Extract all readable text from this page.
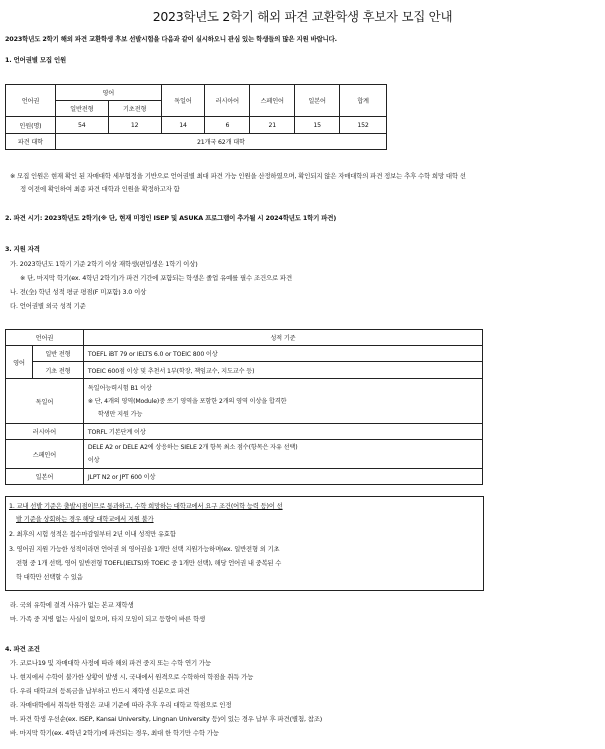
2023학년도 2학기 해외 파견 교환학생 후보자 모집 안내
2023학년도 2학기 해외 파견 교환학생 후보 선발시험을 다음과 같이 실시하오니 관심 있는 학생들의 많은 지원 바랍니다.
1. 언어권별 모집 인원
언어권	영어		독일어	러시아어	스페인어	일본어	합계
	일반전형	기초전형					
인원(명)	54	12	14	6	21	15	152
파견 대학	21개국 62개 대학						
※ 모집 인원은 현재 확인 된 자매대학 세부협정을 기반으로 언어권별 최대 파견 가능 인원을 산정하였으며, 확인되지 않은 자매대학의 파견 정보는 추후 수학 희망 대학 선
정 이전에 확인하여 최종 파견 대학과 인원을 확정하고자 함
2. 파견 시기: 2023학년도 2학기(※ 단, 현재 미정인 ISEP 및 ASUKA 프로그램이 추가될 시 2024학년도 1학기 파견)
3. 지원 자격
가. 2023학년도 1학기 기준 2학기 이상 재학생(편입생은 1학기 이상)
※ 단, 마지막 학기(ex. 4학년 2학기)가 파견 기간에 포함되는 학생은 졸업 유예를 필수 조건으로 파견
나. 전(全) 학년 성적 평균 평점(F 미포함) 3.0 이상
다. 언어권별 외국 성적 기준
언어권		성적 기준
영어	일반 전형	TOEFL iBT 79 or IELTS 6.0 or TOEIC 800 이상
	기초 전형	TOEIC 600점 이상 및 추천서 1부(학장, 책임교수, 지도교수 등)
독일어		독일어능력시험 B1 이상
※ 단, 4개의 영역(Module)중 쓰기 영역을 포함한 2개의 영역 이상을 합격한
학생만 지원 가능

러시아어		TORFL 기본단계 이상
스페인어		DELE A2 or DELE A2에 상응하는 SIELE 2개 항목 최소 점수(항목은 자유 선택)
이상

일본어		JLPT N2 or JPT 600 이상
1. 교내 선발 기준은 출발시점이므로 통과하고, 수학 희망하는 대학교에서 요구 조건(어학 능력 등)이 선
발 기준을 상회하는 경우 해당 대학교에서 지원 불가
2. 최후의 시험 성적은 접수마감일부터 2년 이내 성적만 유효함
3. 영어권 지원 가능한 성적이라면 언어권 외 영어권을 1개만 선택 지원가능하며(ex. 일반전형 외 기초
전형 중 1개 선택, 영어 일반전형 TOEFL(IELTS)와 TOEIC 중 1개만 선택), 해당 언어권 내 중복된 수
학 대학만 선택할 수 있음
라. 국외 유학에 결격 사유가 없는 본교 재학생
마. 가족 중 지병 없는 사실이 없으며, 타지 모임이 되고 등향이 바른 학생
4. 파견 조건
가. 코로나19 및 자매대학 사정에 따라 해외 파견 중지 또는 수학 연기 가능
나. 현지에서 수학이 불가한 상황이 발생 시, 국내에서 원격으로 수학하여 학점을 취득 가능
다. 우리 대학교의 등록금을 납부하고 반드시 재학생 신분으로 파견
라. 자매대학에서 취득한 학점은 교내 기준에 따라 추후 우리 대학교 학점으로 인정
마. 파견 학생 우선순(ex. ISEP, Kansai University, Lingnan University 등)이 있는 경우 납부 후 파견(별첨, 참조)
바. 마지막 학기(ex. 4학년 2학기)에 파견되는 경우, 최대 한 학기만 수학 가능
